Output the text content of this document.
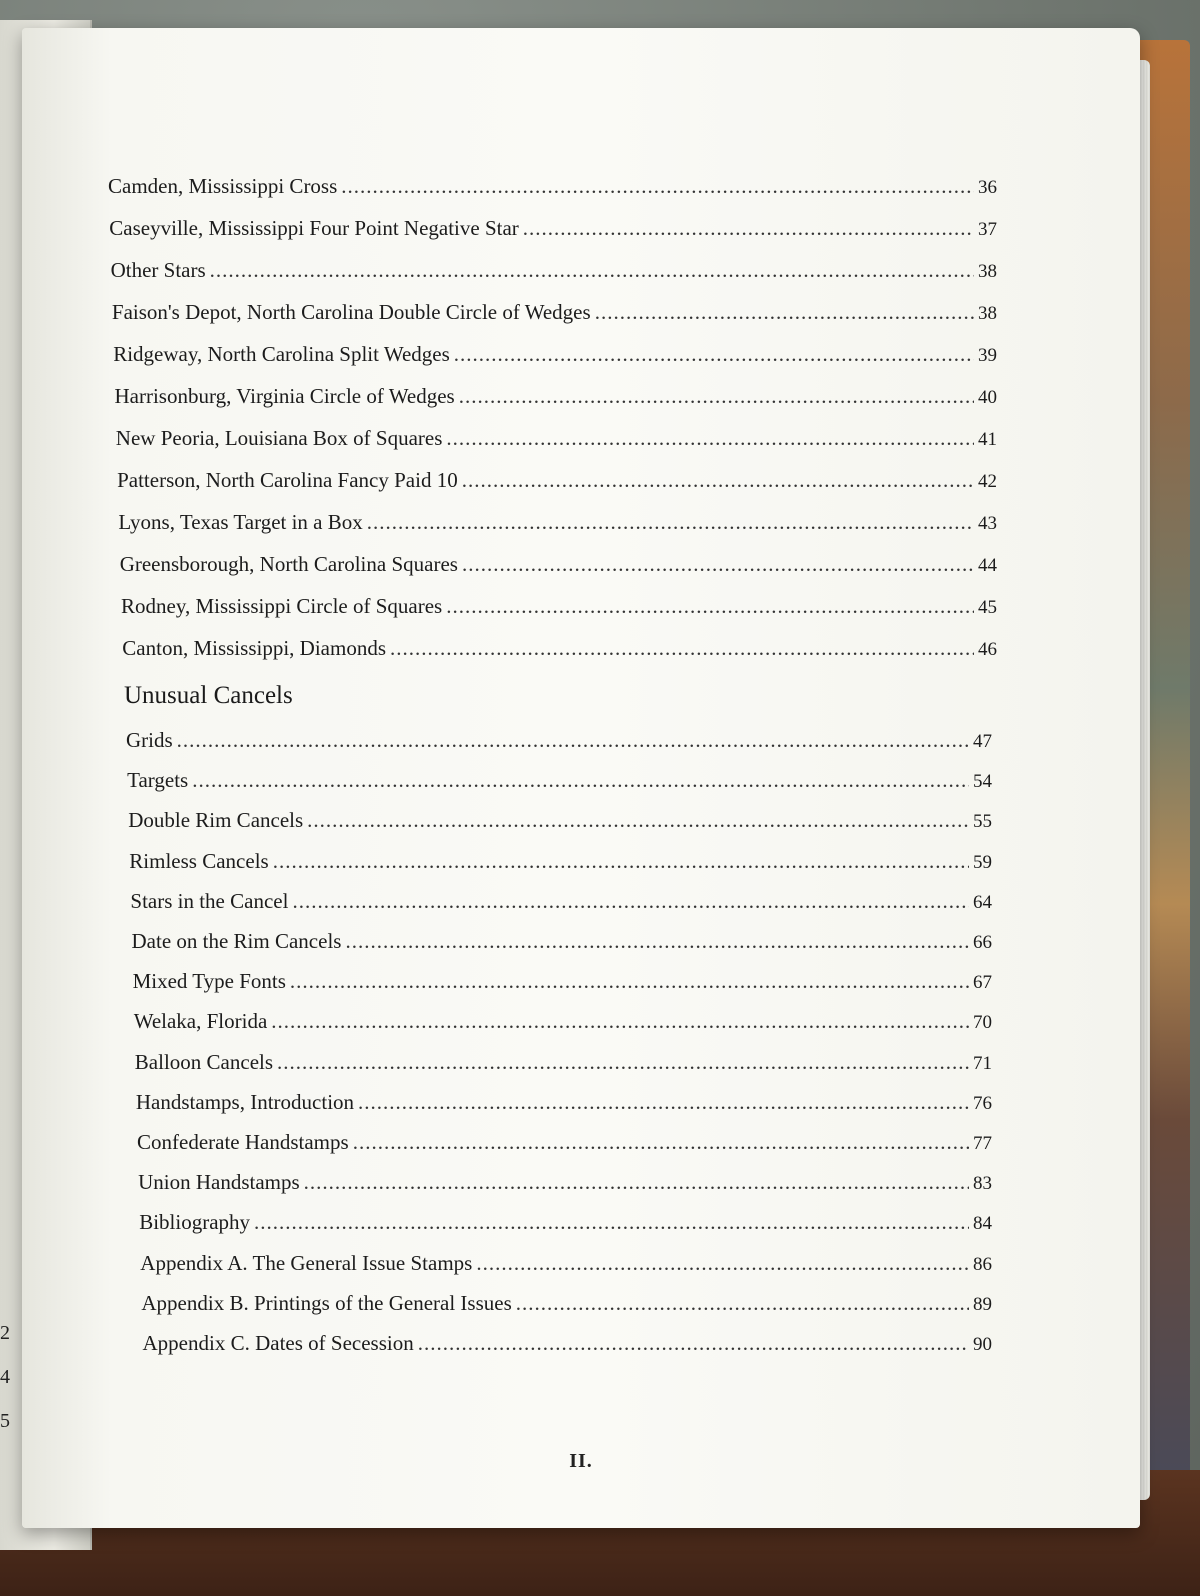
2
4
5
Unusual Cancels
Camden, Mississippi Cross .....	36
Caseyville, Mississippi Four Point Negative Star .....	37
Other Stars .....	38
Faison's Depot, North Carolina Double Circle of Wedges .....	38
Ridgeway, North Carolina Split Wedges .....	39
Harrisonburg, Virginia Circle of Wedges .....	40
New Peoria, Louisiana Box of Squares .....	41
Patterson, North Carolina Fancy Paid 10 .....	42
Lyons, Texas Target in a Box .....	43
Greensborough, North Carolina Squares .....	44
Rodney, Mississippi Circle of Squares .....	45
Canton, Mississippi, Diamonds .....	46
Grids .....	47
Targets .....	54
Double Rim Cancels .....	55
Rimless Cancels .....	59
Stars in the Cancel .....	64
Date on the Rim Cancels .....	66
Mixed Type Fonts .....	67
Welaka, Florida .....	70
Balloon Cancels .....	71
Handstamps, Introduction .....	76
Confederate Handstamps .....	77
Union Handstamps .....	83
Bibliography .....	84
Appendix A. The General Issue Stamps .....	86
Appendix B. Printings of the General Issues .....	89
Appendix C. Dates of Secession .....	90
II.
